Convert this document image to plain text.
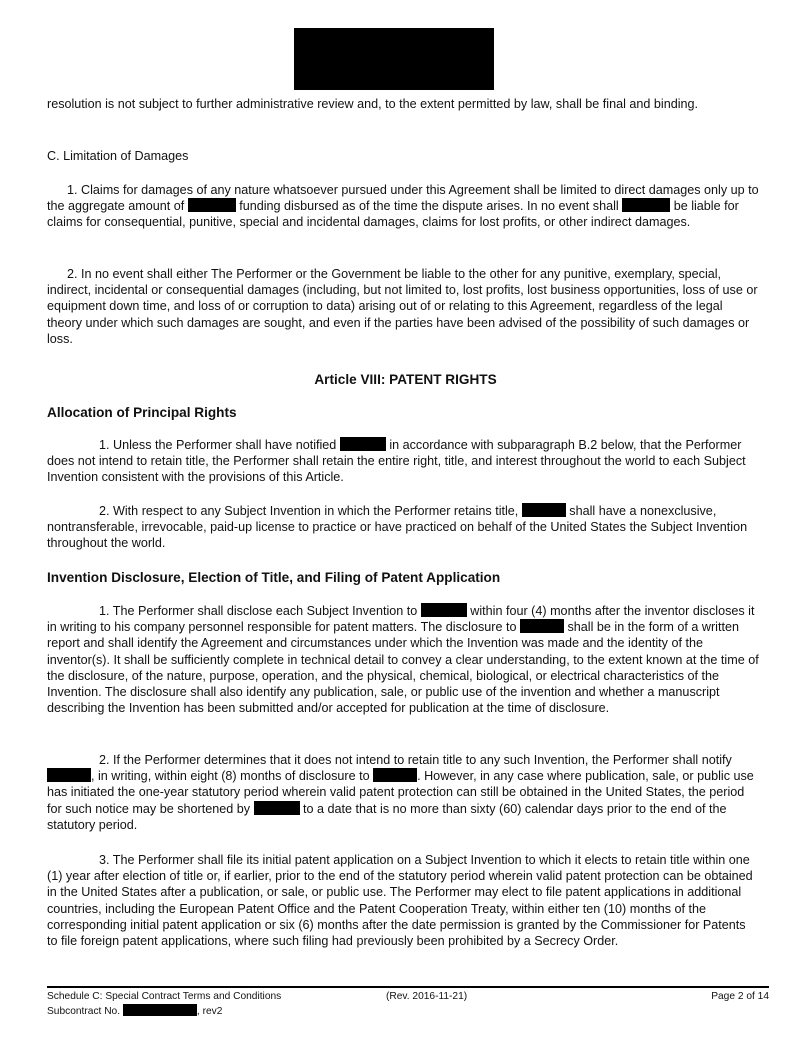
resolution is not subject to further administrative review and, to the extent permitted by law, shall be final and binding.
C. Limitation of Damages
1. Claims for damages of any nature whatsoever pursued under this Agreement shall be limited to direct damages only up to the aggregate amount of	funding disbursed as of the time the dispute arises. In no event shall	be liable for claims for consequential, punitive, special and incidental damages, claims for lost profits, or other indirect damages.
2. In no event shall either The Performer or the Government be liable to the other for any punitive, exemplary, special, indirect, incidental or consequential damages (including, but not limited to, lost profits, lost business opportunities, loss of use or equipment down time, and loss of or corruption to data) arising out of or relating to this Agreement, regardless of the legal theory under which such damages are sought, and even if the parties have been advised of the possibility of such damages or loss.
Article VIII: PATENT RIGHTS
Allocation of Principal Rights
1. Unless the Performer shall have notified	in accordance with subparagraph B.2 below, that the Performer does not intend to retain title, the Performer shall retain the entire right, title, and interest throughout the world to each Subject Invention consistent with the provisions of this Article.
2. With respect to any Subject Invention in which the Performer retains title,	shall have a nonexclusive, nontransferable, irrevocable, paid-up license to practice or have practiced on behalf of the United States the Subject Invention throughout the world.
Invention Disclosure, Election of Title, and Filing of Patent Application
1. The Performer shall disclose each Subject Invention to	within four (4) months after the inventor discloses it in writing to his company personnel responsible for patent matters. The disclosure to	shall be in the form of a written report and shall identify the Agreement and circumstances under which the Invention was made and the identity of the inventor(s). It shall be sufficiently complete in technical detail to convey a clear understanding, to the extent known at the time of the disclosure, of the nature, purpose, operation, and the physical, chemical, biological, or electrical characteristics of the Invention. The disclosure shall also identify any publication, sale, or public use of the invention and whether a manuscript describing the Invention has been submitted and/or accepted for publication at the time of disclosure.
2. If the Performer determines that it does not intend to retain title to any such Invention, the Performer shall notify , in writing, within eight (8) months of disclosure to	. However, in any case where publication, sale, or public use has initiated the one-year statutory period wherein valid patent protection can still be obtained in the United States, the period for such notice may be shortened by	to a date that is no more than sixty (60) calendar days prior to the end of the statutory period.
3. The Performer shall file its initial patent application on a Subject Invention to which it elects to retain title within one (1) year after election of title or, if earlier, prior to the end of the statutory period wherein valid patent protection can be obtained in the United States after a publication, or sale, or public use. The Performer may elect to file patent applications in additional countries, including the European Patent Office and the Patent Cooperation Treaty, within either ten (10) months of the corresponding initial patent application or six (6) months after the date permission is granted by the Commissioner for Patents to file foreign patent applications, where such filing had previously been prohibited by a Secrecy Order.
Schedule C: Special Contract Terms and Conditions	(Rev. 2016-11-21)	Page 2 of 14
Subcontract No.	, rev2
